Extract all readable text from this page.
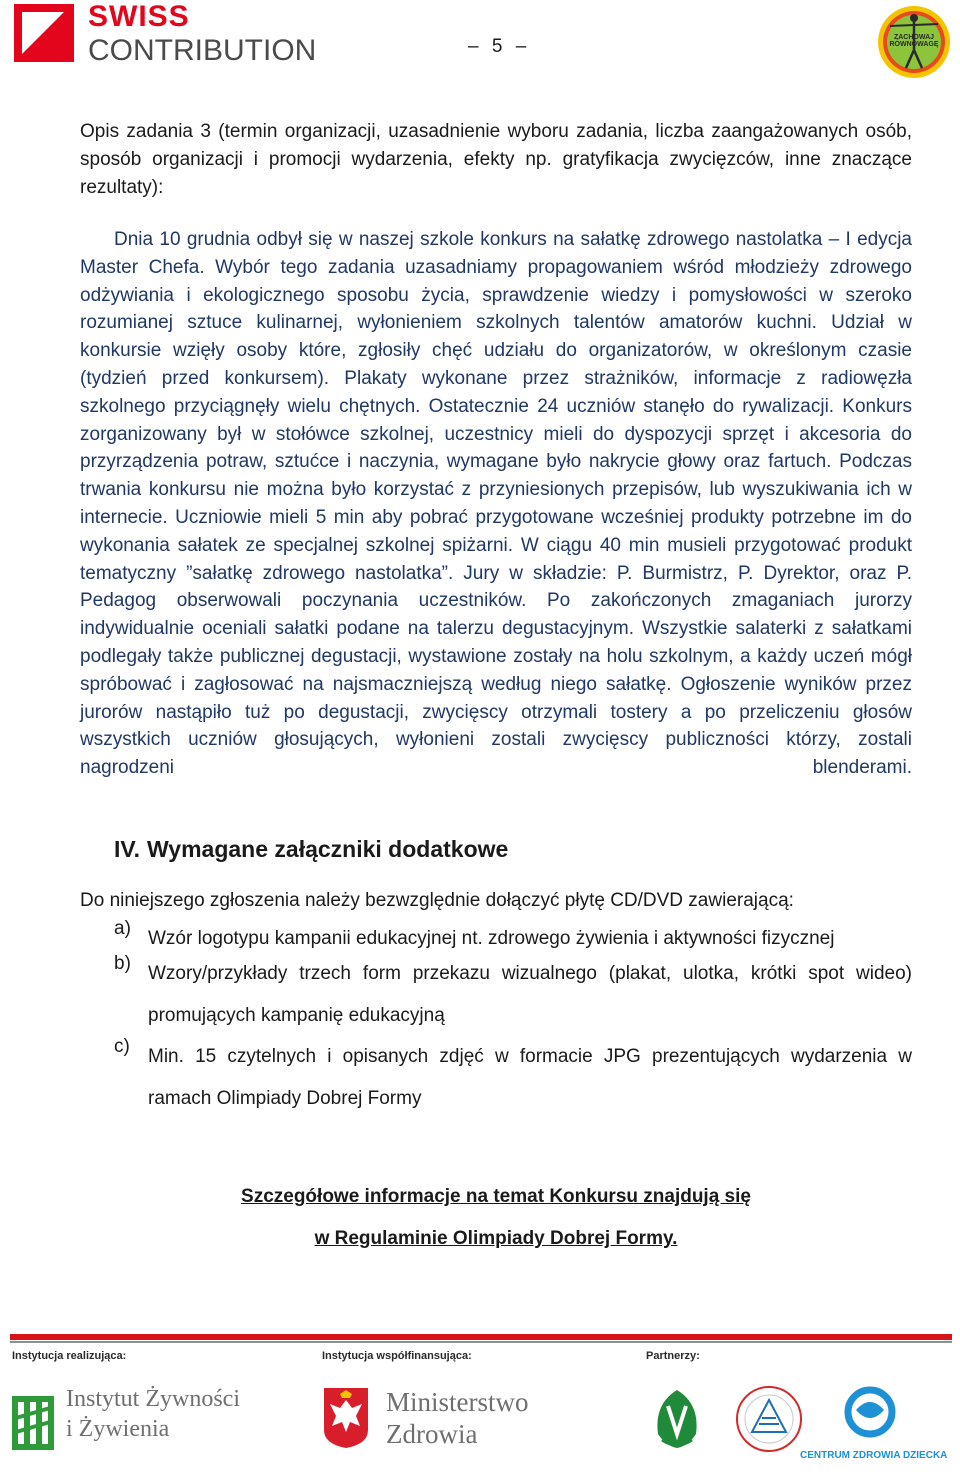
SWISS
CONTRIBUTION	– 5 –	ZACHOWAJ RÓWNOWAGĘ
Opis zadania 3 (termin organizacji, uzasadnienie wyboru zadania, liczba zaangażowanych osób, sposób organizacji i promocji wydarzenia, efekty np. gratyfikacja zwycięzców, inne znaczące rezultaty):
Dnia 10 grudnia odbył się w naszej szkole konkurs na sałatkę zdrowego nastolatka – I edycja Master Chefa. Wybór tego zadania uzasadniamy propagowaniem wśród młodzieży zdrowego odżywiania i ekologicznego sposobu życia, sprawdzenie wiedzy i pomysłowości w szeroko rozumianej sztuce kulinarnej, wyłonieniem szkolnych talentów amatorów kuchni. Udział w konkursie wzięły osoby które, zgłosiły chęć udziału do organizatorów, w określonym czasie (tydzień przed konkursem). Plakaty wykonane przez strażników, informacje z radiowęzła szkolnego przyciągnęły wielu chętnych. Ostatecznie 24 uczniów stanęło do rywalizacji. Konkurs zorganizowany był w stołówce szkolnej, uczestnicy mieli do dyspozycji sprzęt i akcesoria do przyrządzenia potraw, sztućce i naczynia, wymagane było nakrycie głowy oraz fartuch. Podczas trwania konkursu nie można było korzystać z przyniesionych przepisów, lub wyszukiwania ich w internecie. Uczniowie mieli 5 min aby pobrać przygotowane wcześniej produkty potrzebne im do wykonania sałatek ze specjalnej szkolnej spiżarni. W ciągu 40 min musieli przygotować produkt tematyczny ”sałatkę zdrowego nastolatka”. Jury w składzie: P. Burmistrz, P. Dyrektor, oraz P. Pedagog obserwowali poczynania uczestników. Po zakończonych zmaganiach jurorzy indywidualnie oceniali sałatki podane na talerzu degustacyjnym. Wszystkie salaterki z sałatkami podlegały także publicznej degustacji, wystawione zostały na holu szkolnym, a każdy uczeń mógł spróbować i zagłosować na najsmaczniejszą według niego sałatkę. Ogłoszenie wyników przez jurorów nastąpiło tuż po degustacji, zwycięscy otrzymali tostery a po przeliczeniu głosów wszystkich uczniów głosujących, wyłonieni zostali zwycięscy publiczności którzy, zostali nagrodzeni blenderami.
IV. Wymagane załączniki dodatkowe
Do niniejszego zgłoszenia należy bezwzględnie dołączyć płytę CD/DVD zawierającą:
a) Wzór logotypu kampanii edukacyjnej nt. zdrowego żywienia i aktywności fizycznej
b) Wzory/przykłady trzech form przekazu wizualnego (plakat, ulotka, krótki spot wideo) promujących kampanię edukacyjną
c) Min. 15 czytelnych i opisanych zdjęć w formacie JPG prezentujących wydarzenia w ramach Olimpiady Dobrej Formy
Szczegółowe informacje na temat Konkursu znajdują się
w Regulaminie Olimpiady Dobrej Formy.
Instytucja realizująca:	Instytucja współfinansująca:	Partnerzy:
Instytut Żywności
i Żywienia
Ministerstwo
Zdrowia
CENTRUM ZDROWIA DZIECKA
